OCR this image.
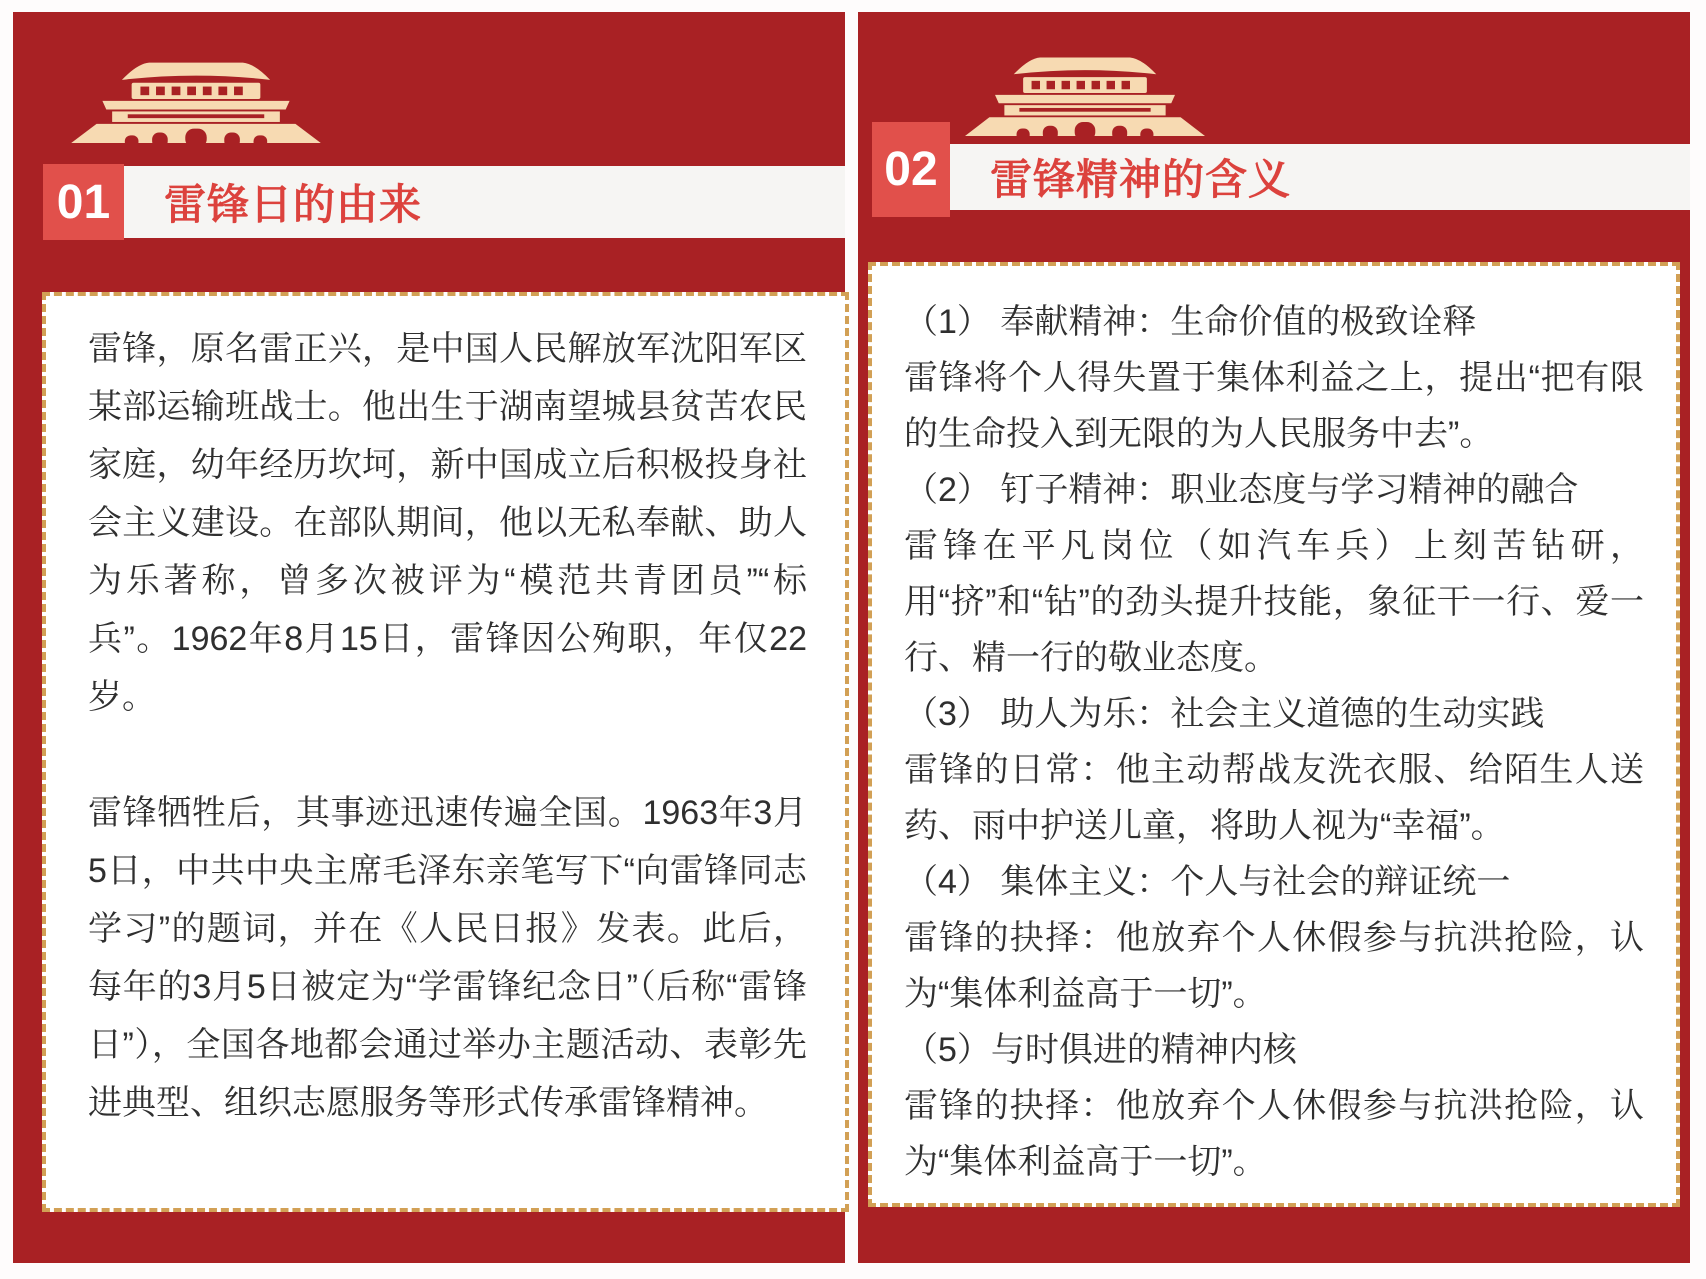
01	雷锋日的由来

雷锋，原名雷正兴，是中国人民解放军沈阳军区某部运输班战士。他出生于湖南望城县贫苦农民家庭，幼年经历坎坷，新中国成立后积极投身社会主义建设。在部队期间，他以无私奉献、助人为乐著称，曾多次被评为“模范共青团员”“标兵”。1962年8月15日，雷锋因公殉职，年仅22岁。

雷锋牺牲后，其事迹迅速传遍全国。1963年3月5日，中共中央主席毛泽东亲笔写下“向雷锋同志学习”的题词，并在《人民日报》发表。此后，每年的3月5日被定为“学雷锋纪念日”（后称“雷锋日”），全国各地都会通过举办主题活动、表彰先进典型、组织志愿服务等形式传承雷锋精神。

02	雷锋精神的含义

（1） 奉献精神：生命价值的极致诠释

雷锋将个人得失置于集体利益之上，提出“把有限的生命投入到无限的为人民服务中去”。

（2） 钉子精神：职业态度与学习精神的融合

雷锋在平凡岗位（如汽车兵）上刻苦钻研，用“挤”和“钻”的劲头提升技能，象征干一行、爱一行、精一行的敬业态度。

（3） 助人为乐：社会主义道德的生动实践

雷锋的日常：他主动帮战友洗衣服、给陌生人送药、雨中护送儿童，将助人视为“幸福”。

（4） 集体主义：个人与社会的辩证统一

雷锋的抉择：他放弃个人休假参与抗洪抢险，认为“集体利益高于一切”。

（5）与时俱进的精神内核

雷锋的抉择：他放弃个人休假参与抗洪抢险，认为“集体利益高于一切”。
